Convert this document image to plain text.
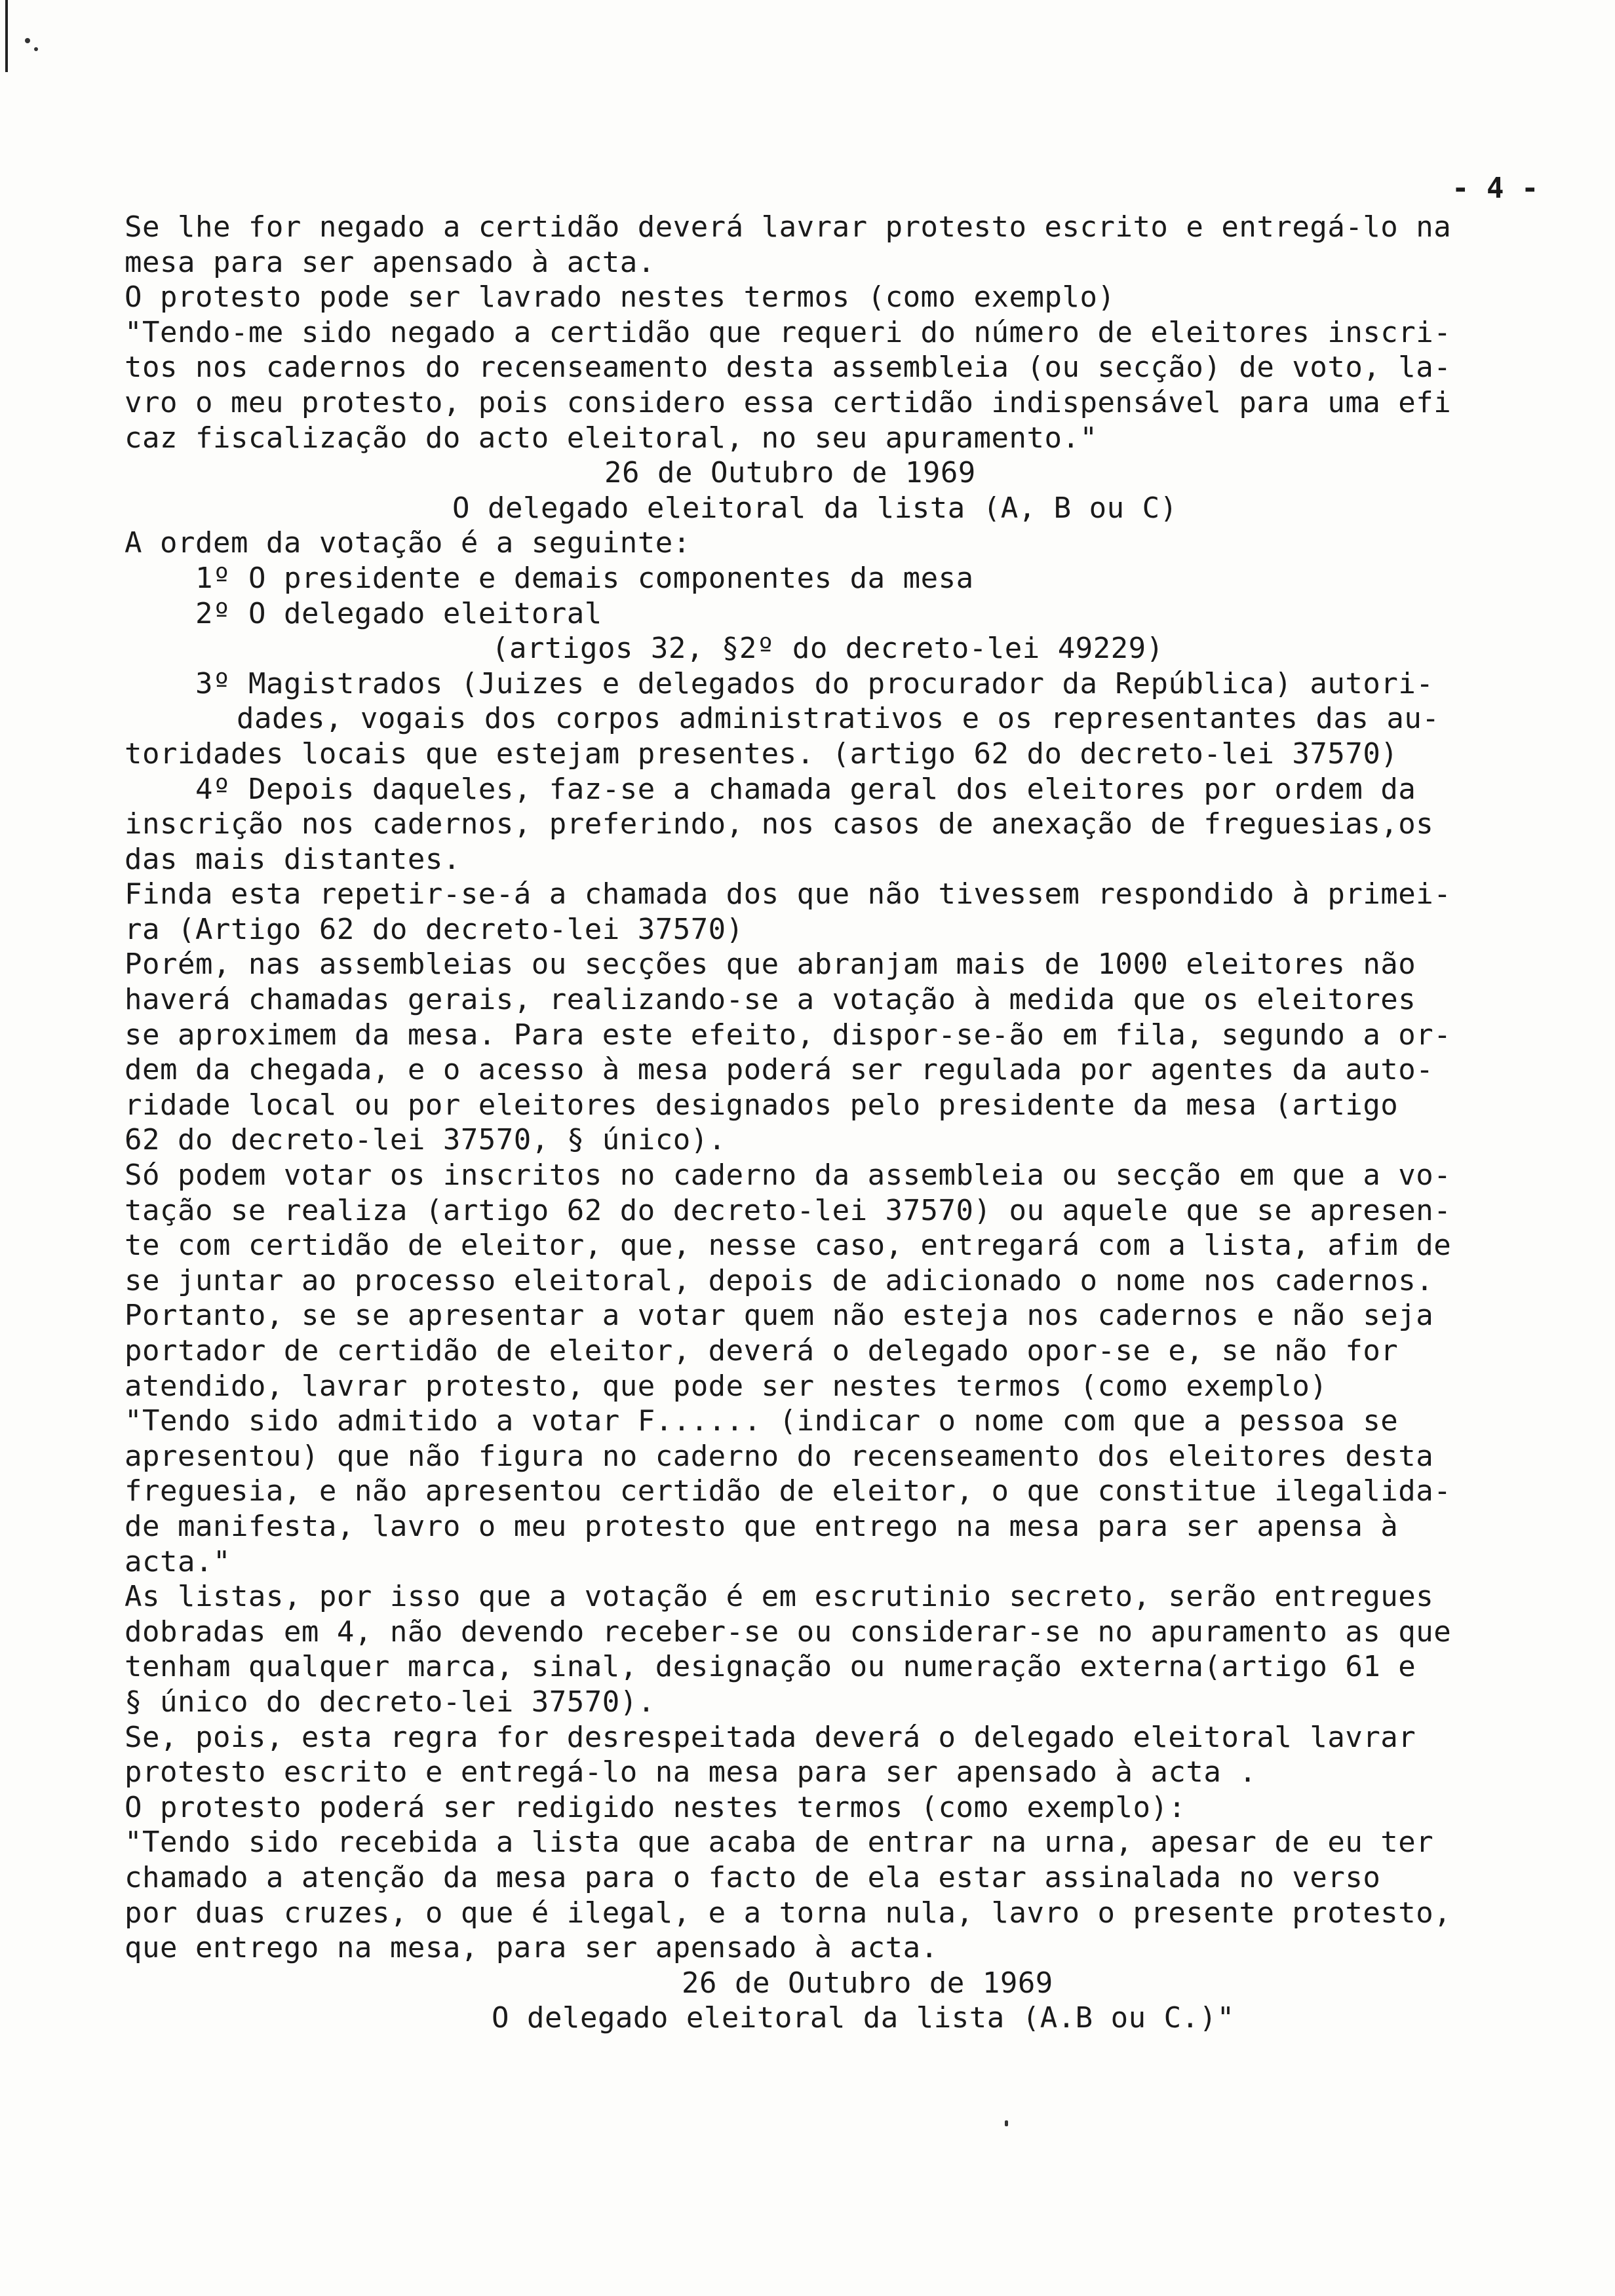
- 4 -
Se lhe for negado a certidão deverá lavrar protesto escrito e entregá-lo na
mesa para ser apensado à acta.
O protesto pode ser lavrado nestes termos (como exemplo)
"Tendo-me sido negado a certidão que requeri do número de eleitores inscri-
tos nos cadernos do recenseamento desta assembleia (ou secção) de voto, la-
vro o meu protesto, pois considero essa certidão indispensável para uma efi
caz fiscalização do acto eleitoral, no seu apuramento."
26 de Outubro de 1969
O delegado eleitoral da lista (A, B ou C)
A ordem da votação é a seguinte:
1º O presidente e demais componentes da mesa
2º O delegado eleitoral
(artigos 32, §2º do decreto-lei 49229)
3º Magistrados (Juizes e delegados do procurador da República) autori-
dades, vogais dos corpos administrativos e os representantes das au-
toridades locais que estejam presentes. (artigo 62 do decreto-lei 37570)
4º Depois daqueles, faz-se a chamada geral dos eleitores por ordem da
inscrição nos cadernos, preferindo, nos casos de anexação de freguesias,os
das mais distantes.
Finda esta repetir-se-á a chamada dos que não tivessem respondido à primei-
ra (Artigo 62 do decreto-lei 37570)
Porém, nas assembleias ou secções que abranjam mais de 1000 eleitores não
haverá chamadas gerais, realizando-se a votação à medida que os eleitores
se aproximem da mesa. Para este efeito, dispor-se-ão em fila, segundo a or-
dem da chegada, e o acesso à mesa poderá ser regulada por agentes da auto-
ridade local ou por eleitores designados pelo presidente da mesa (artigo
62 do decreto-lei 37570, § único).
Só podem votar os inscritos no caderno da assembleia ou secção em que a vo-
tação se realiza (artigo 62 do decreto-lei 37570) ou aquele que se apresen-
te com certidão de eleitor, que, nesse caso, entregará com a lista, afim de
se juntar ao processo eleitoral, depois de adicionado o nome nos cadernos.
Portanto, se se apresentar a votar quem não esteja nos cadernos e não seja
portador de certidão de eleitor, deverá o delegado opor-se e, se não for
atendido, lavrar protesto, que pode ser nestes termos (como exemplo)
"Tendo sido admitido a votar F...... (indicar o nome com que a pessoa se
apresentou) que não figura no caderno do recenseamento dos eleitores desta
freguesia, e não apresentou certidão de eleitor, o que constitue ilegalida-
de manifesta, lavro o meu protesto que entrego na mesa para ser apensa à
acta."
As listas, por isso que a votação é em escrutinio secreto, serão entregues
dobradas em 4, não devendo receber-se ou considerar-se no apuramento as que
tenham qualquer marca, sinal, designação ou numeração externa(artigo 61 e
§ único do decreto-lei 37570).
Se, pois, esta regra for desrespeitada deverá o delegado eleitoral lavrar
protesto escrito e entregá-lo na mesa para ser apensado à acta .
O protesto poderá ser redigido nestes termos (como exemplo):
"Tendo sido recebida a lista que acaba de entrar na urna, apesar de eu ter
chamado a atenção da mesa para o facto de ela estar assinalada no verso
por duas cruzes, o que é ilegal, e a torna nula, lavro o presente protesto,
que entrego na mesa, para ser apensado à acta.
26 de Outubro de 1969
O delegado eleitoral da lista (A.B ou C.)"
